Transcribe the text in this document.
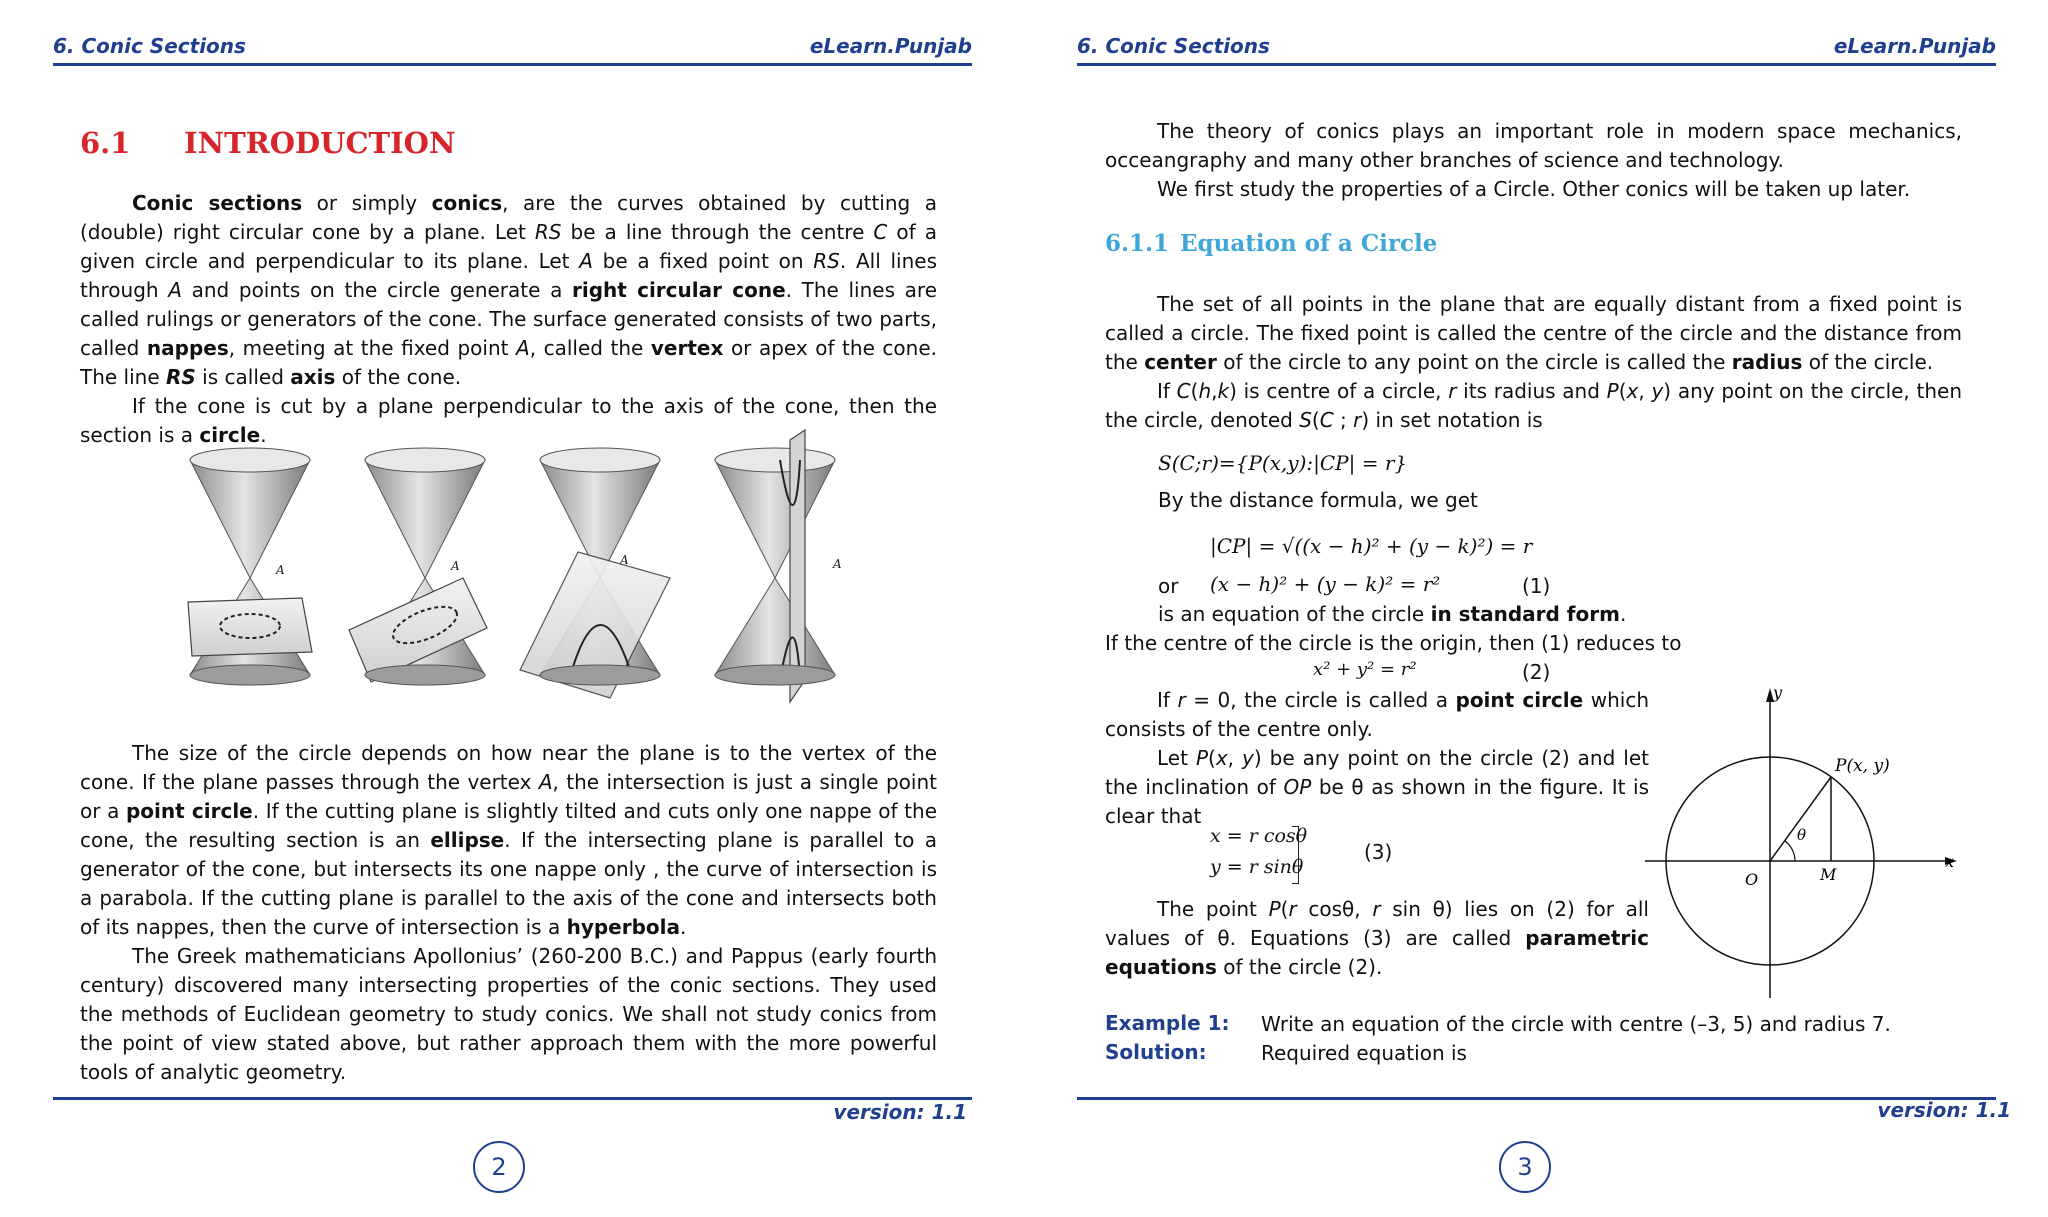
6. Conic Sections	eLearn.Punjab
6.1 INTRODUCTION

Conic sections or simply conics, are the curves obtained by cutting a (double) right circular cone by a plane. Let RS be a line through the centre C of a given circle and perpendicular to its plane. Let A be a fixed point on RS. All lines through A and points on the circle generate a right circular cone. The lines are called rulings or generators of the cone. The surface generated consists of two parts, called nappes, meeting at the fixed point A, called the vertex or apex of the cone. The line RS is called axis of the cone.

If the cone is cut by a plane perpendicular to the axis of the cone, then the section is a circle.

A	A	A	A

The size of the circle depends on how near the plane is to the vertex of the cone. If the plane passes through the vertex A, the intersection is just a single point or a point circle. If the cutting plane is slightly tilted and cuts only one nappe of the cone, the resulting section is an ellipse. If the intersecting plane is parallel to a generator of the cone, but intersects its one nappe only , the curve of intersection is a parabola. If the cutting plane is parallel to the axis of the cone and intersects both of its nappes, then the curve of intersection is a hyperbola.

The Greek mathematicians Apollonius’ (260-200 B.C.) and Pappus (early fourth century) discovered many intersecting properties of the conic sections. They used the methods of Euclidean geometry to study conics. We shall not study conics from the point of view stated above, but rather approach them with the more powerful tools of analytic geometry.

version: 1.1
2
6. Conic Sections	eLearn.Punjab

The theory of conics plays an important role in modern space mechanics, occeangraphy and many other branches of science and technology.

We first study the properties of a Circle. Other conics will be taken up later.

6.1.1 Equation of a Circle

The set of all points in the plane that are equally distant from a fixed point is called a circle. The fixed point is called the centre of the circle and the distance from the center of the circle to any point on the circle is called the radius of the circle.

If C(h,k) is centre of a circle, r its radius and P(x, y) any point on the circle, then the circle, denoted S(C ; r) in set notation is

S(C;r)={P(x,y):|CP| = r}
By the distance formula, we get
|CP| = √((x − h)² + (y − k)²) = r
or (x − h)² + (y − k)² = r²	(1)
is an equation of the circle in standard form.
If the centre of the circle is the origin, then (1) reduces to
x² + y² = r²	(2)

If r = 0, the circle is called a point circle which consists of the centre only.

Let P(x, y) be any point on the circle (2) and let the inclination of OP be θ as shown in the figure. It is clear that

x = r cosθ
y = r sinθ
(3)

The point P(r cosθ, r sin θ) lies on (2) for all values of θ. Equations (3) are called parametric equations of the circle (2).

y
x
P(x, y)
θ
O	M
Example 1: Write an equation of the circle with centre (–3, 5) and radius 7.
Solution:	Required equation is
version: 1.1
3
